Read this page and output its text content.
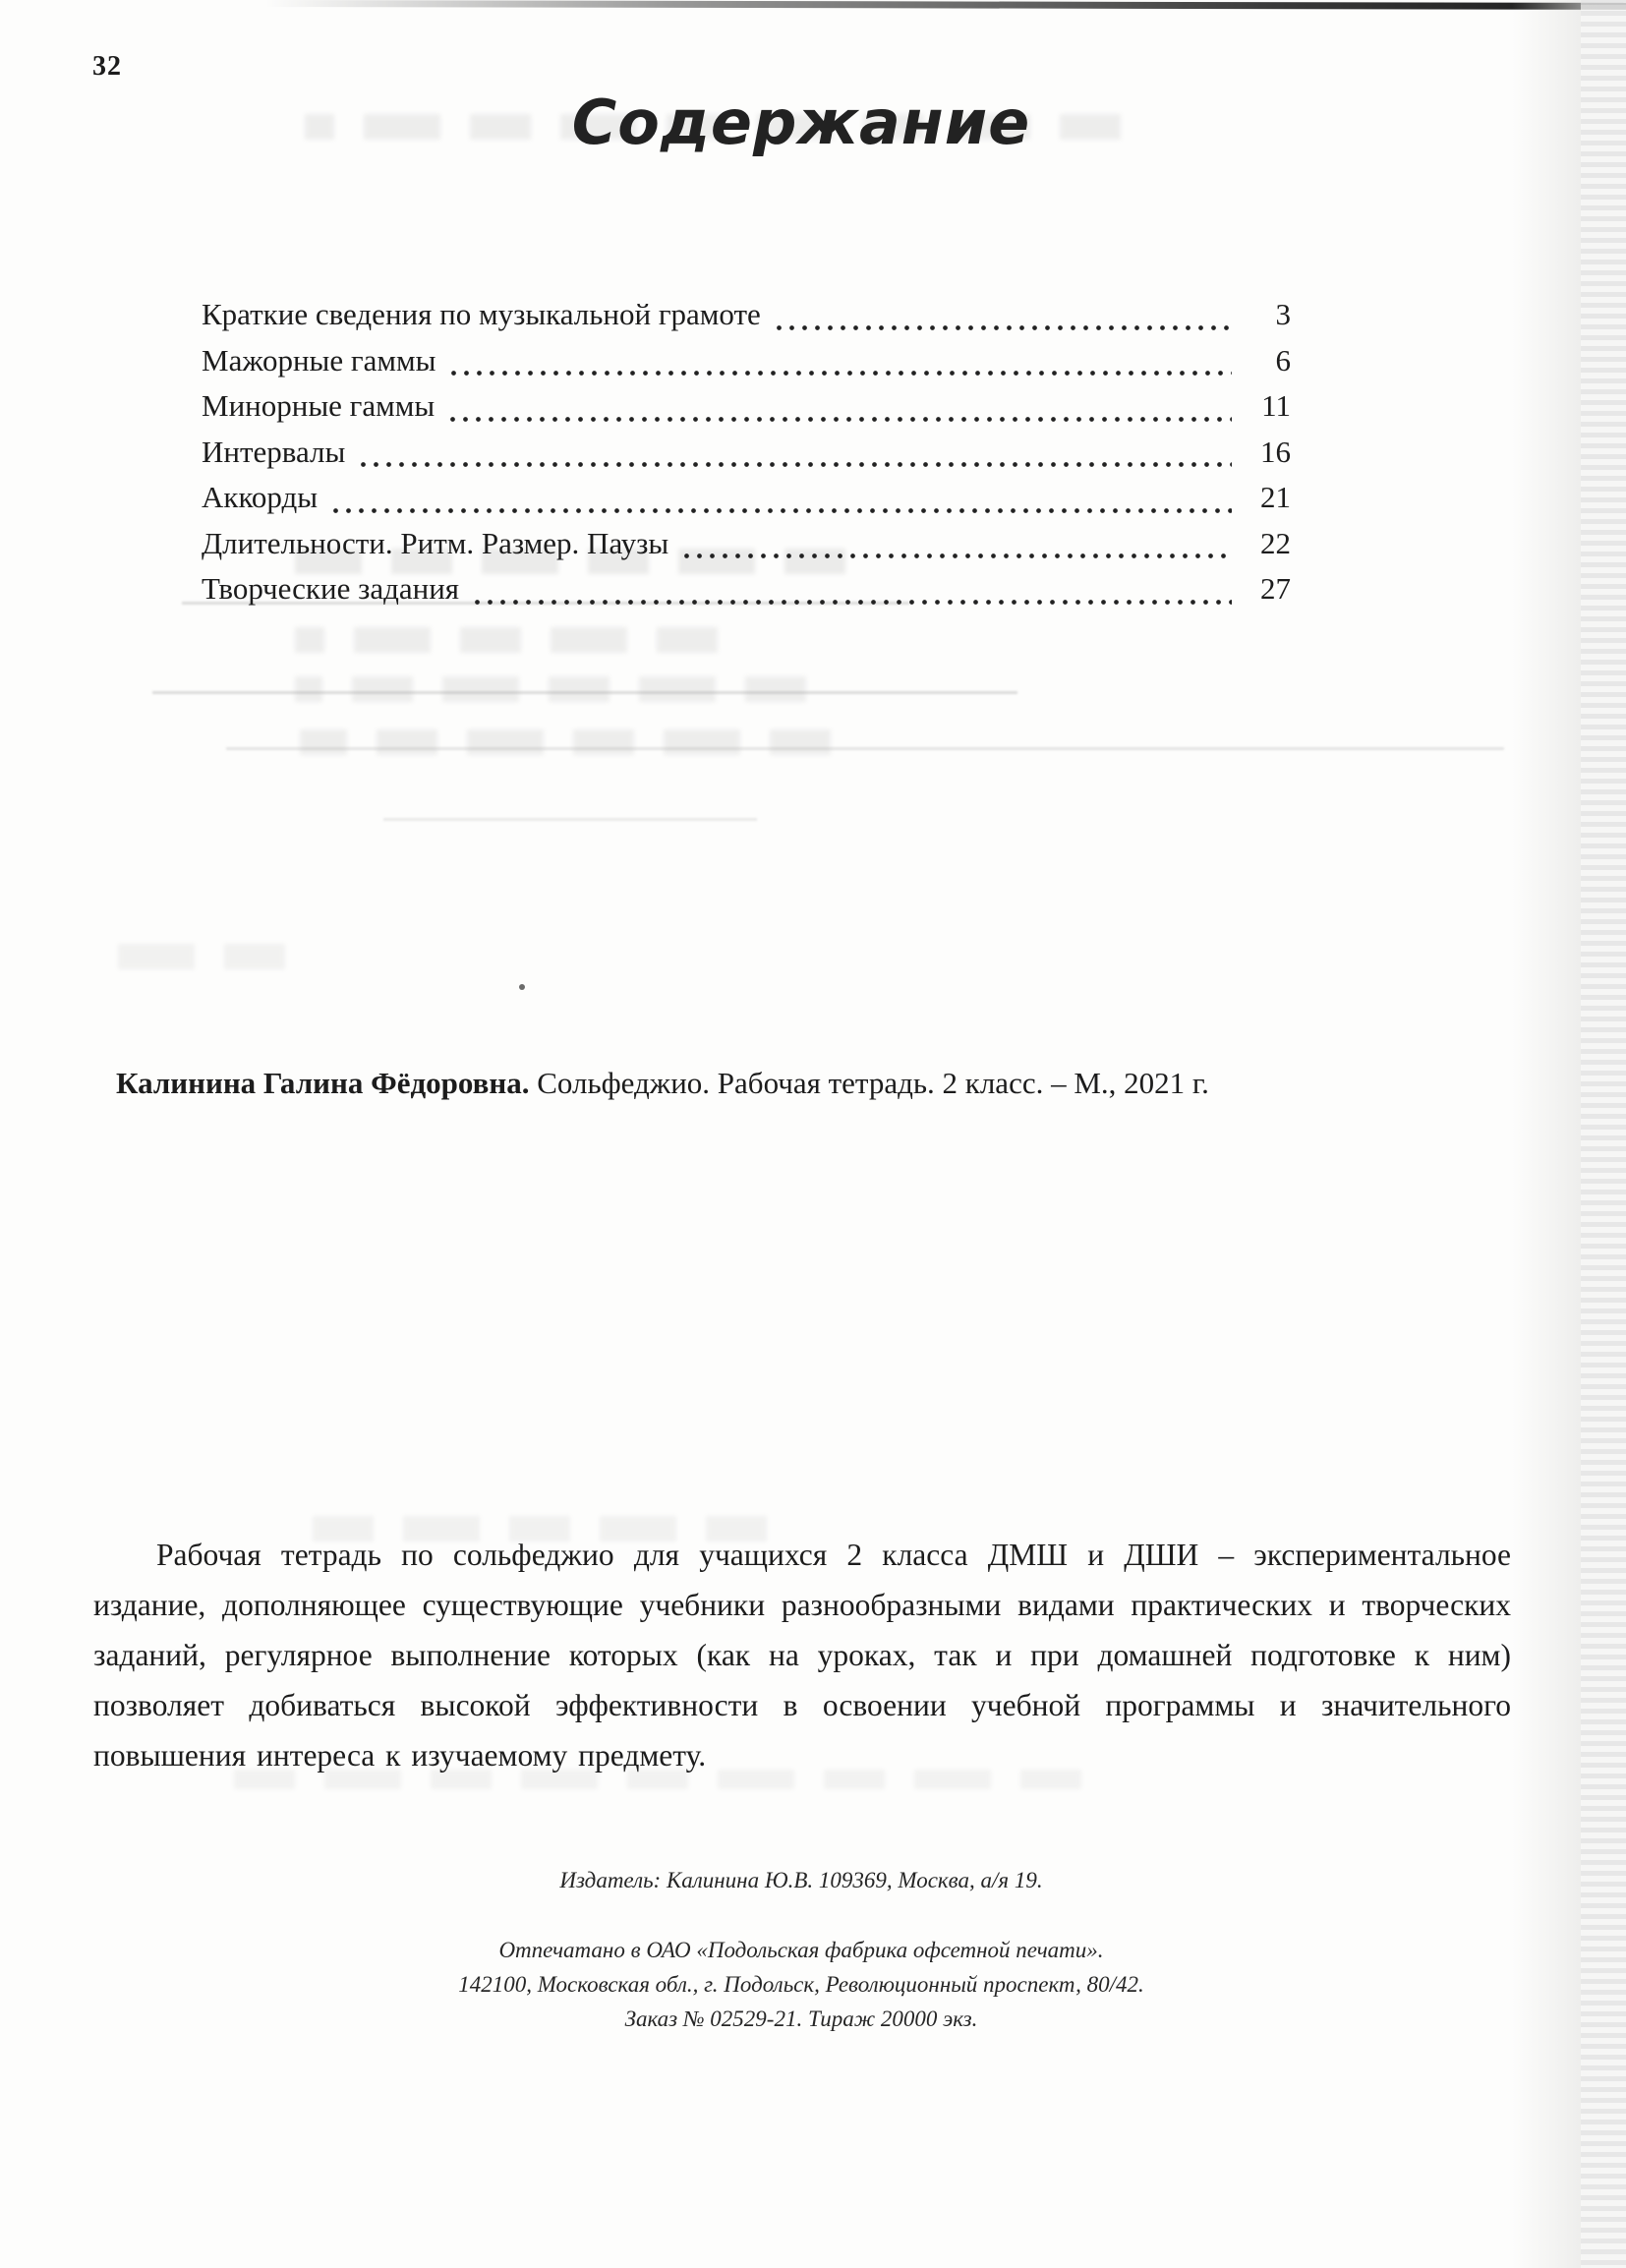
32
Содержание
Краткие сведения по музыкальной грамоте	3
Мажорные гаммы	6
Минорные гаммы	11
Интервалы	16
Аккорды	21
Длительности. Ритм. Размер. Паузы	22
Творческие задания	27
Калинина Галина Фёдоровна. Сольфеджио. Рабочая тетрадь. 2 класс. – М., 2021 г.
Рабочая тетрадь по сольфеджио для учащихся 2 класса ДМШ и ДШИ – экспериментальное издание, дополняющее существующие учебники разнообразными видами практических и творческих заданий, регулярное выполнение которых (как на уроках, так и при домашней подготовке к ним) позволяет добиваться высокой эффективности в освоении учебной программы и значительного повышения интереса к изучаемому предмету.
Издатель: Калинина Ю.В. 109369, Москва, а/я 19.
Отпечатано в ОАО «Подольская фабрика офсетной печати».
142100, Московская обл., г. Подольск, Революционный проспект, 80/42.
Заказ № 02529-21. Тираж 20000 экз.
